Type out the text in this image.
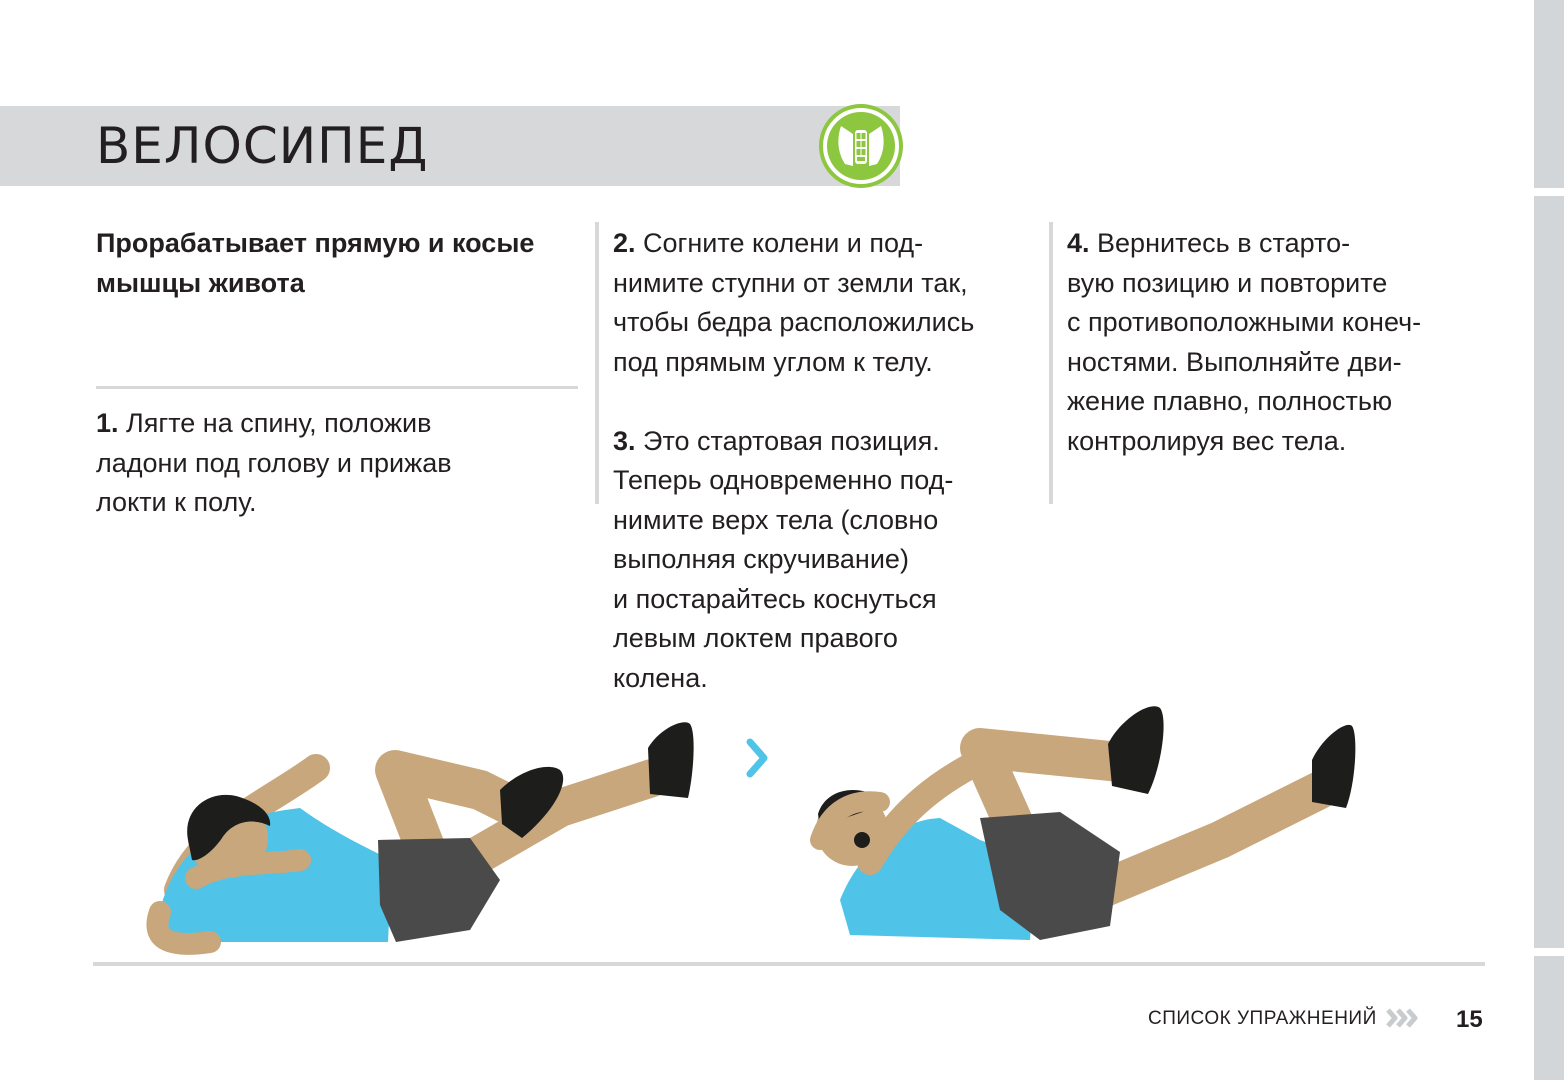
ВЕЛОСИПЕД
Прорабатывает прямую и косые
мышцы живота

1. Лягте на спину, положив

ладони под голову и прижав

локти к полу.

2. Согните колени и под-

нимите ступни от земли так,

чтобы бедра расположились

под прямым углом к телу.

3. Это стартовая позиция.

Теперь одновременно под-

нимите верх тела (словно

выполняя скручивание)

и постарайтесь коснуться

левым локтем правого

колена.

4. Вернитесь в старто-

вую позицию и повторите

с противоположными конеч-

ностями. Выполняйте дви-

жение плавно, полностью

контролируя вес тела.

СПИСОК УПРАЖНЕНИЙ	15
